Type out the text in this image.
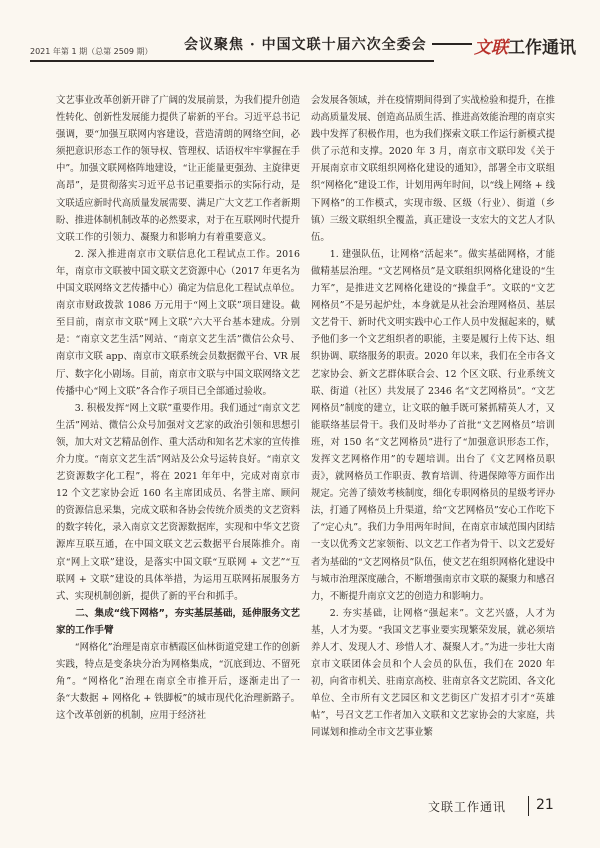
2021 年第 1 期（总第 2509 期） 会议聚焦 · 中国文联十届六次全委会	文联工作通讯

文艺事业改革创新开辟了广阔的发展前景，为我们提升创造性转化、创新性发展能力提供了崭新的平台。习近平总书记强调，要“加强互联网内容建设，营造清朗的网络空间，必须把意识形态工作的领导权、管理权、话语权牢牢掌握在手中”。加强文联网格阵地建设，“让正能量更强劲、主旋律更高昂”，是贯彻落实习近平总书记重要指示的实际行动，是文联适应新时代高质量发展需要、满足广大文艺工作者新期盼、推进体制机制改革的必然要求，对于在互联网时代提升文联工作的引领力、凝聚力和影响力有着重要意义。

2. 深入推进南京市文联信息化工程试点工作。2016 年，南京市文联被中国文联文艺资源中心（2017 年更名为中国文联网络文艺传播中心）确定为信息化工程试点单位。南京市财政拨款 1086 万元用于“网上文联”项目建设。截至目前，南京市文联“网上文联”六大平台基本建成。分别是：“南京文艺生活”网站、“南京文艺生活”微信公众号、南京市文联 app、南京市文联系统会员数据微平台、VR 展厅、数字化小剧场。目前，南京市文联与中国文联网络文艺传播中心“网上文联”各合作子项目已全部通过验收。

3. 积极发挥“网上文联”重要作用。我们通过“南京文艺生活”网站、微信公众号加强对文艺家的政治引领和思想引领，加大对文艺精品创作、重大活动和知名艺术家的宣传推介力度。“南京文艺生活”网站及公众号运转良好。“南京文艺资源数字化工程”，将在 2021 年年中，完成对南京市 12 个文艺家协会近 160 名主席团成员、名誉主席、顾问的资源信息采集，完成文联和各协会传统介质类的文艺资料的数字转化，录入南京文艺资源数据库，实现和中华文艺资源库互联互通，在中国文联文艺云数据平台展陈推介。南京“网上文联”建设，是落实中国文联“互联网 + 文艺”“互联网 + 文联”建设的具体举措，为运用互联网拓展服务方式、实现机制创新，提供了新的平台和抓手。

二、集成“线下网格”，夯实基层基础，延伸服务文艺家的工作手臂

“网格化”治理是南京市栖霞区仙林街道党建工作的创新实践，特点是变条块分治为网格集成，“沉底到边、不留死角”。“网格化”治理在南京全市推开后，逐渐走出了一条“大数据 + 网格化 + 铁脚板”的城市现代化治理新路子。这个改革创新的机制，应用于经济社

会发展各领域，并在疫情期间得到了实战检验和提升，在推动高质量发展、创造高品质生活、推进高效能治理的南京实践中发挥了积极作用，也为我们探索文联工作运行新模式提供了示范和支撑。2020 年 3 月，南京市文联印发《关于开展南京市文联组织网格化建设的通知》，部署全市文联组织“网格化”建设工作，计划用两年时间，以“线上网络 + 线下网格”的工作模式，实现市级、区级（行业）、街道（乡镇）三级文联组织全覆盖，真正建设一支宏大的文艺人才队伍。

1. 建强队伍，让网格“活起来”。做实基础网格，才能做精基层治理。“文艺网格员”是文联组织网格化建设的“生力军”，是推进文艺网格化建设的“操盘手”。文联的“文艺网格员”不是另起炉灶，本身就是从社会治理网格员、基层文艺骨干、新时代文明实践中心工作人员中发掘起来的，赋予他们多一个文艺组织者的职能，主要是履行上传下达、组织协调、联络服务的职责。2020 年以来，我们在全市各文艺家协会、新文艺群体联合会、12 个区文联、行业系统文联、街道（社区）共发展了 2346 名“文艺网格员”。“文艺网格员”制度的建立，让文联的触手既可紧抓精英人才，又能联络基层骨干。我们及时举办了首批“文艺网格员”培训班，对 150 名“文艺网格员”进行了“加强意识形态工作，发挥文艺网格作用”的专题培训。出台了《文艺网格员职责》，就网格员工作职责、教育培训、待遇保障等方面作出规定。完善了绩效考核制度，细化专职网格员的星级考评办法，打通了网格员上升渠道，给“文艺网格员”安心工作吃下了“定心丸”。我们力争用两年时间，在南京市域范围内团结一支以优秀文艺家领衔、以文艺工作者为骨干、以文艺爱好者为基础的“文艺网格员”队伍，使文艺在组织网格化建设中与城市治理深度融合，不断增强南京市文联的凝聚力和感召力，不断提升南京文艺的创造力和影响力。

2. 夯实基础，让网格“强起来”。文艺兴盛，人才为基，人才为要。“我国文艺事业要实现繁荣发展，就必须培养人才、发现人才、珍惜人才、凝聚人才。”为进一步壮大南京市文联团体会员和个人会员的队伍，我们在 2020 年初，向省市机关、驻南京高校、驻南京各文艺院团、各文化单位、全市所有文艺园区和文艺街区广发招才引才“英雄帖”，号召文艺工作者加入文联和文艺家协会的大家庭，共同谋划和推动全市文艺事业繁

文联工作通讯 21
